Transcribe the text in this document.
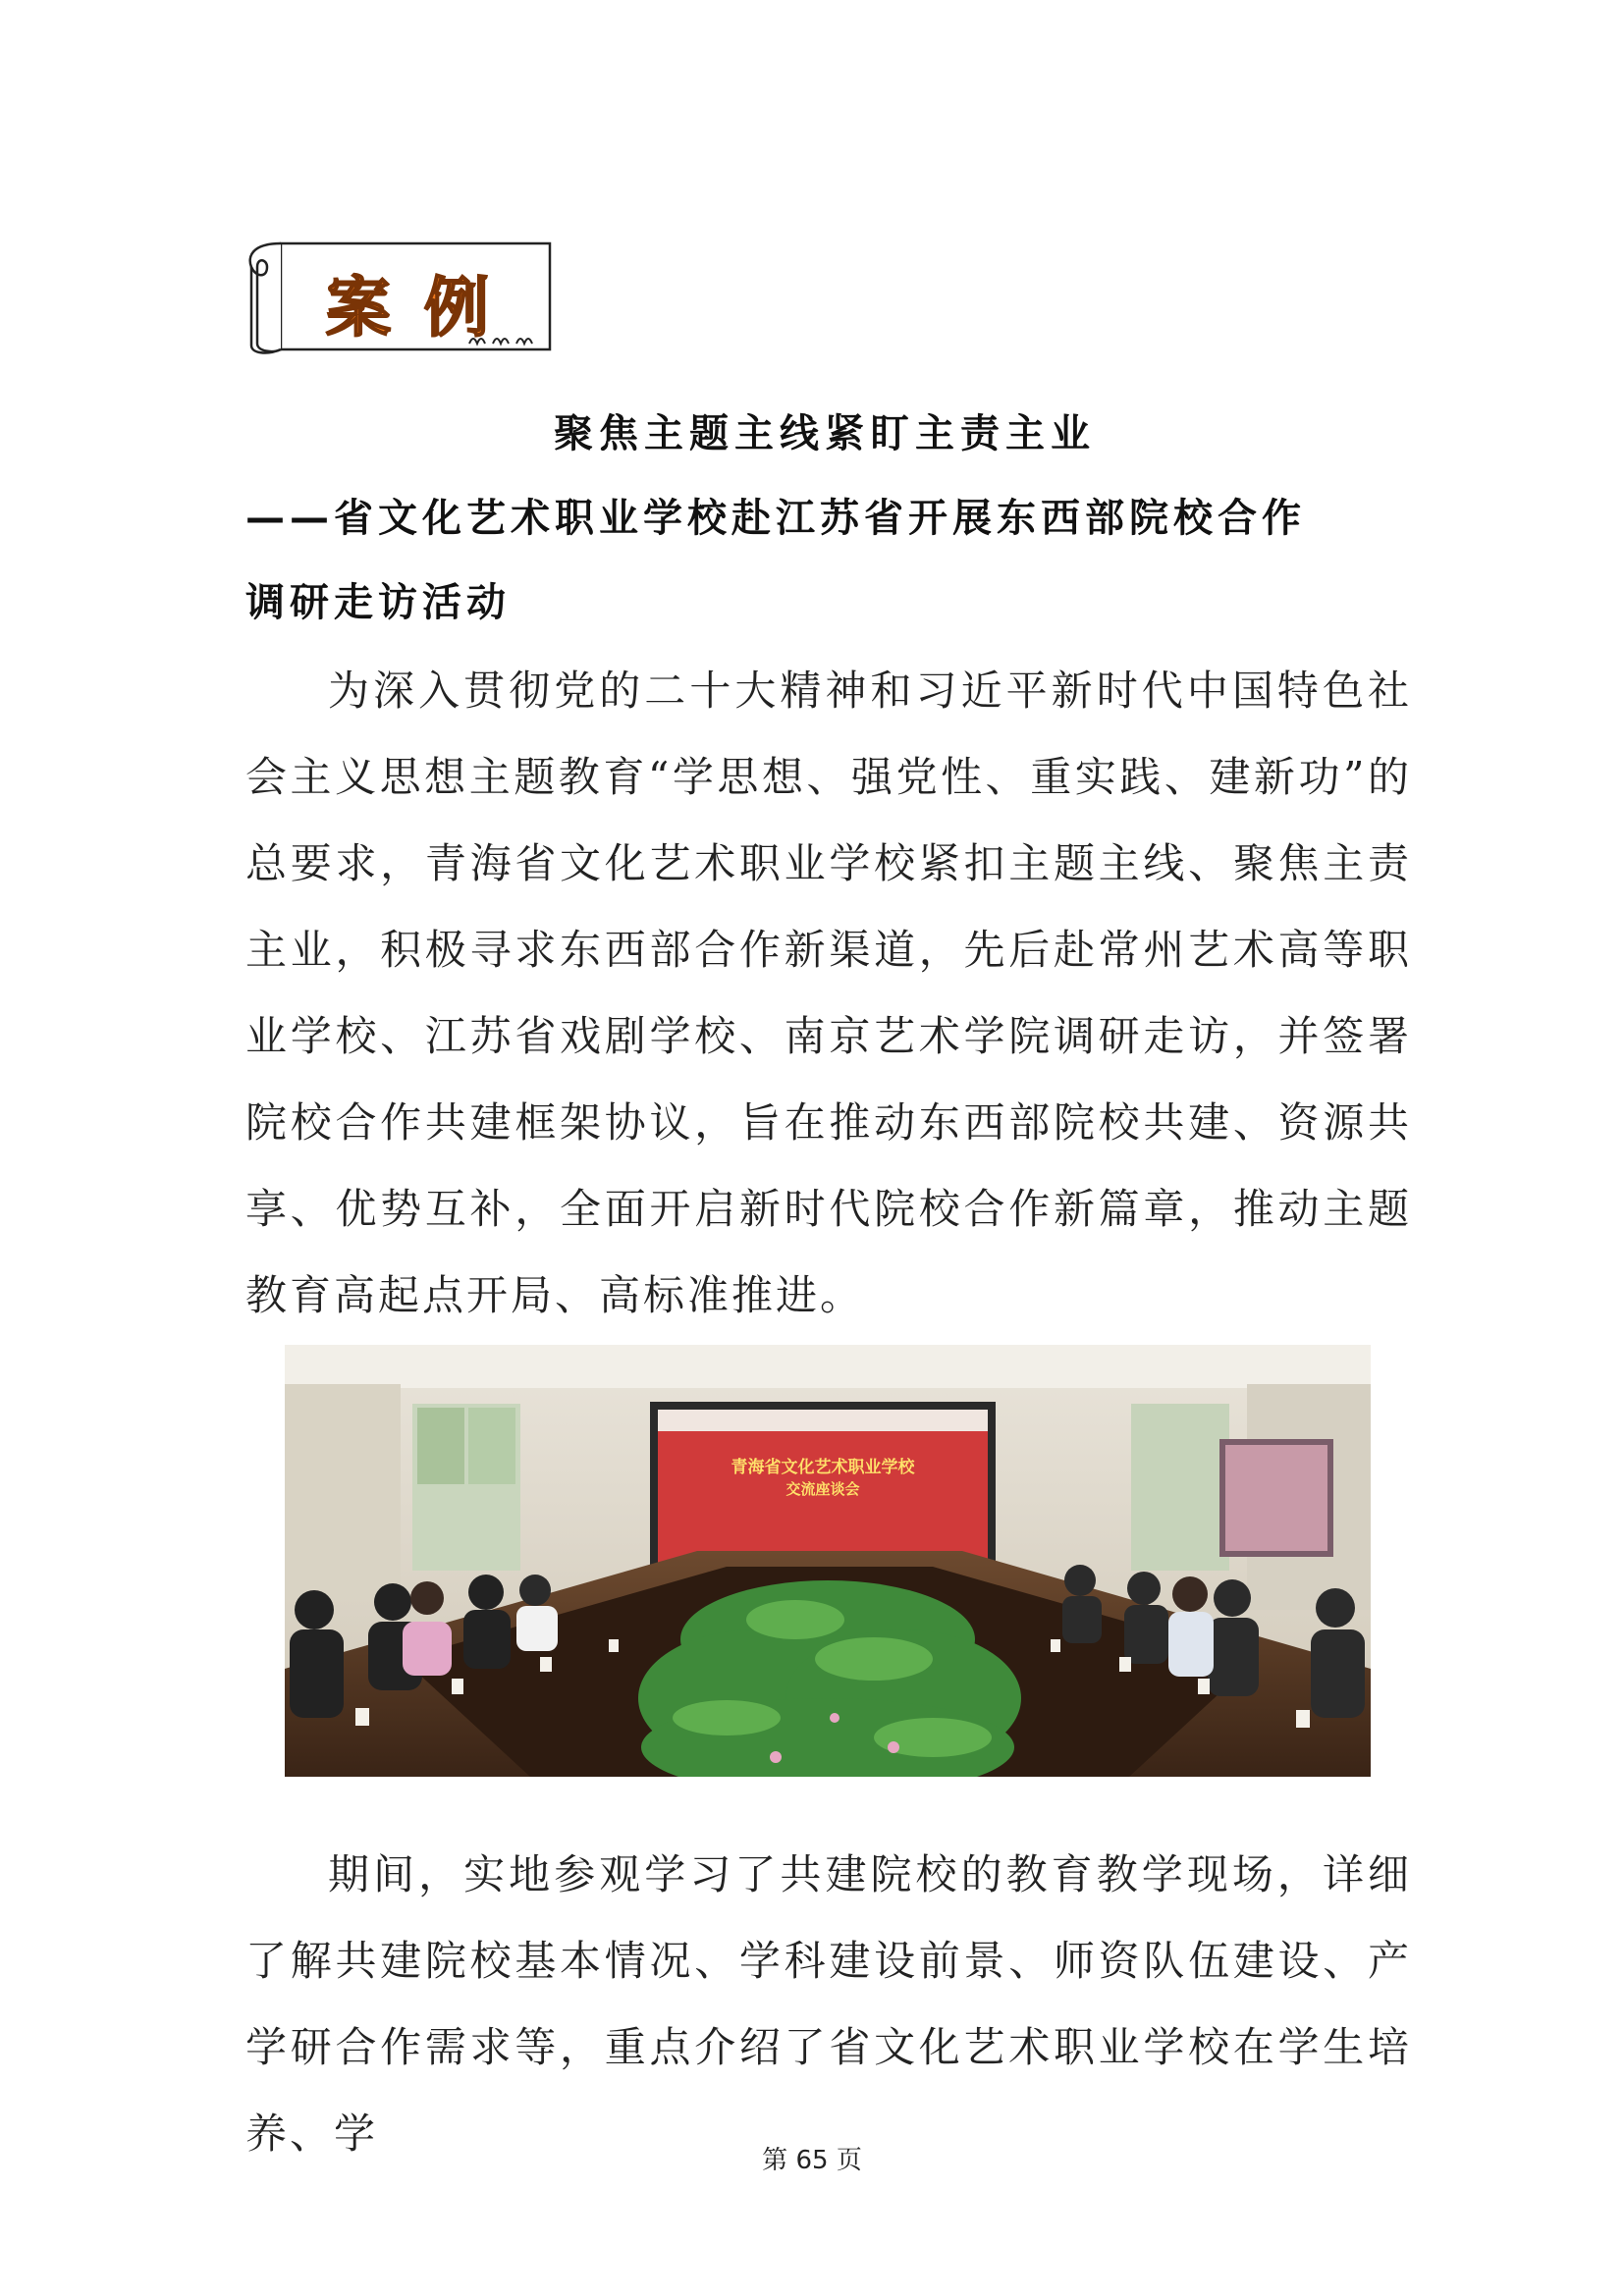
案例
聚焦主题主线紧盯主责主业
——省文化艺术职业学校赴江苏省开展东西部院校合作
调研走访活动

为深入贯彻党的二十大精神和习近平新时代中国特色社会主义思想主题教育“学思想、强党性、重实践、建新功”的总要求，青海省文化艺术职业学校紧扣主题主线、聚焦主责主业，积极寻求东西部合作新渠道，先后赴常州艺术高等职业学校、江苏省戏剧学校、南京艺术学院调研走访，并签署院校合作共建框架协议，旨在推动东西部院校共建、资源共享、优势互补，全面开启新时代院校合作新篇章，推动主题教育高起点开局、高标准推进。

青海省文化艺术职业学校
交流座谈会

期间，实地参观学习了共建院校的教育教学现场，详细了解共建院校基本情况、学科建设前景、师资队伍建设、产学研合作需求等，重点介绍了省文化艺术职业学校在学生培养、学

第 65 页
